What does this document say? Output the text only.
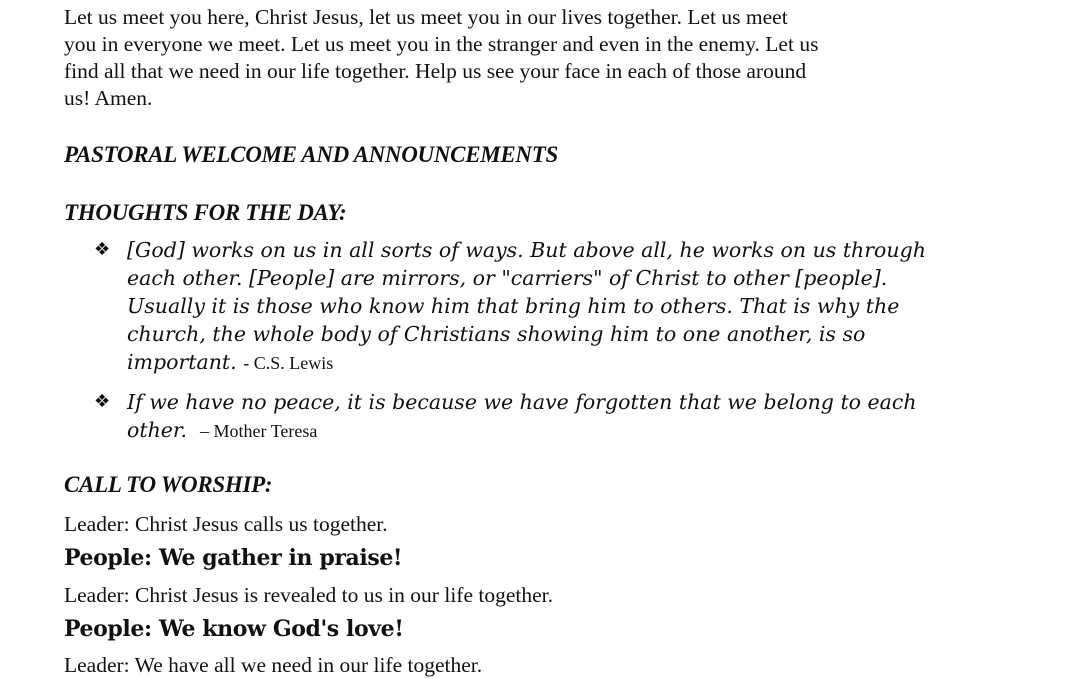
Let us meet you here, Christ Jesus, let us meet you in our lives together. Let us meet
you in everyone we meet. Let us meet you in the stranger and even in the enemy. Let us
find all that we need in our life together. Help us see your face in each of those around
us! Amen.

PASTORAL WELCOME AND ANNOUNCEMENTS
THOUGHTS FOR THE DAY:
❖ [God] works on us in all sorts of ways. But above all, he works on us through
each other. [People] are mirrors, or "carriers" of Christ to other [people].
Usually it is those who know him that bring him to others. That is why the
church, the whole body of Christians showing him to one another, is so
important. - C.S. Lewis
❖ If we have no peace, it is because we have forgotten that we belong to each
other. – Mother Teresa
CALL TO WORSHIP:

Leader: Christ Jesus calls us together.

People: We gather in praise!

Leader: Christ Jesus is revealed to us in our life together.

People: We know God's love!

Leader: We have all we need in our life together.
